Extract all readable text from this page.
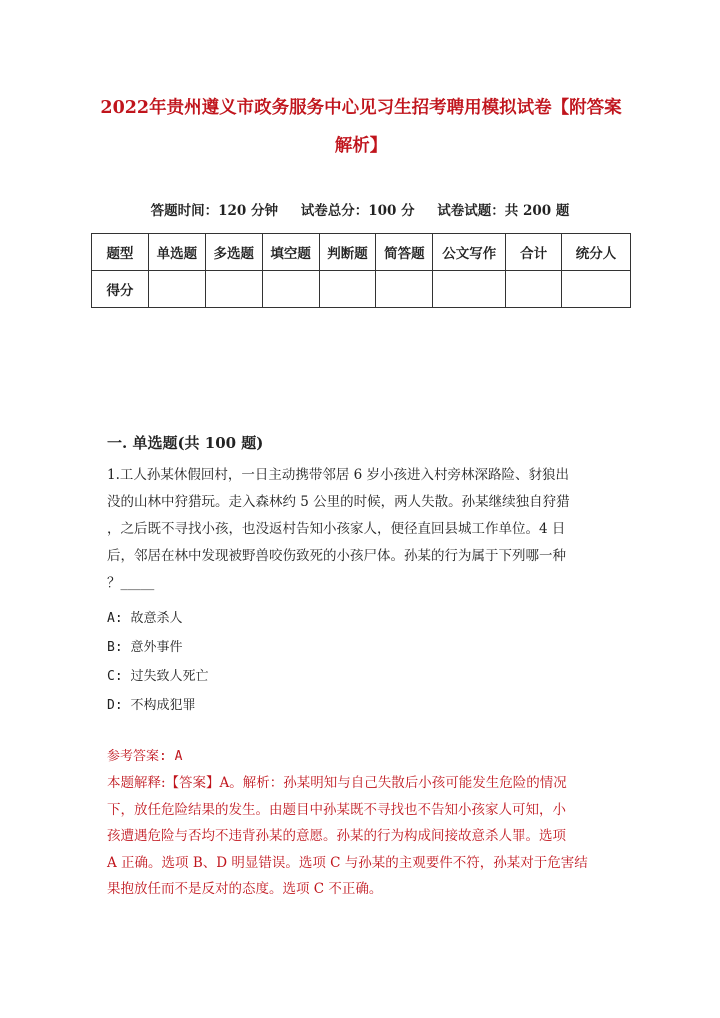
2022年贵州遵义市政务服务中心见习生招考聘用模拟试卷【附答案
解析】
答题时间：120 分钟 试卷总分：100 分 试卷试题：共 200 题
题型	单选题	多选题	填空题	判断题	简答题	公文写作	合计	统分人
得分								
一. 单选题(共 100 题)
1.工人孙某休假回村，一日主动携带邻居 6 岁小孩进入村旁林深路险、豺狼出
没的山林中狩猎玩。走入森林约 5 公里的时候，两人失散。孙某继续独自狩猎
，之后既不寻找小孩，也没返村告知小孩家人，便径直回县城工作单位。4 日
后，邻居在林中发现被野兽咬伤致死的小孩尸体。孙某的行为属于下列哪一种
？_____
A: 故意杀人
B: 意外事件
C: 过失致人死亡
D: 不构成犯罪
参考答案: A
本题解释:【答案】A。解析：孙某明知与自己失散后小孩可能发生危险的情况
下，放任危险结果的发生。由题目中孙某既不寻找也不告知小孩家人可知，小
孩遭遇危险与否均不违背孙某的意愿。孙某的行为构成间接故意杀人罪。选项
A 正确。选项 B、D 明显错误。选项 C 与孙某的主观要件不符，孙某对于危害结
果抱放任而不是反对的态度。选项 C 不正确。
